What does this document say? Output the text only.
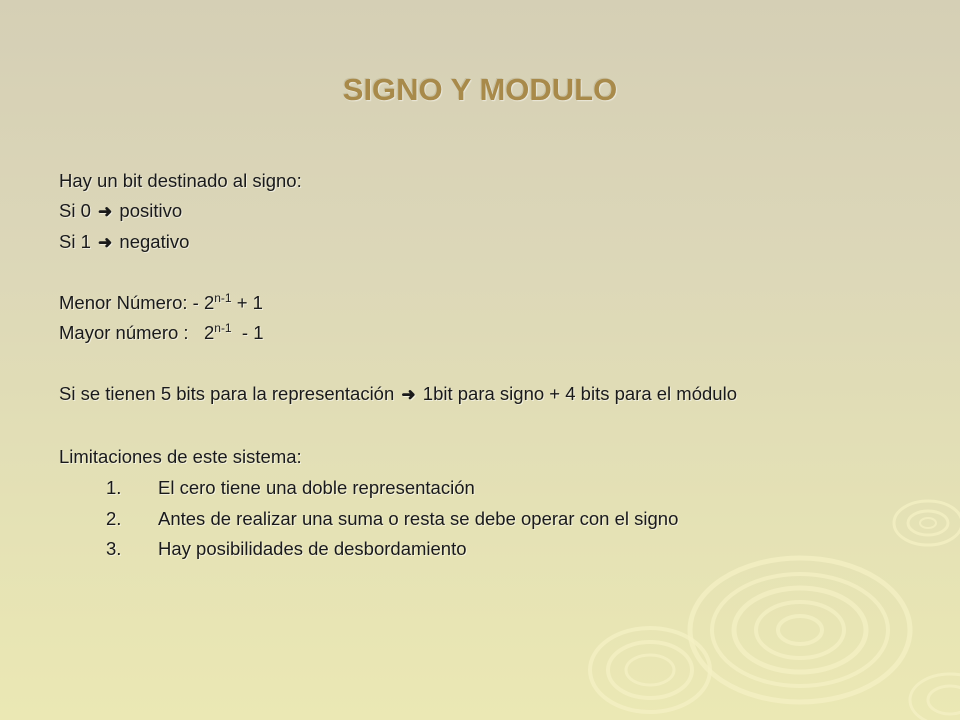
SIGNO Y MODULO
Hay un bit destinado al signo:
Si 0 ➜ positivo
Si 1 ➜ negativo
Menor Número: - $2^{n-1} + 1$
Mayor número :   2$^{n-1}$  - 1
Si se tienen 5 bits para la representación ➜ 1bit para signo + 4 bits para el módulo
Limitaciones de este sistema:
1. El cero tiene una doble representación
2. Antes de realizar una suma o resta se debe operar con el signo
3. Hay posibilidades de desbordamiento
